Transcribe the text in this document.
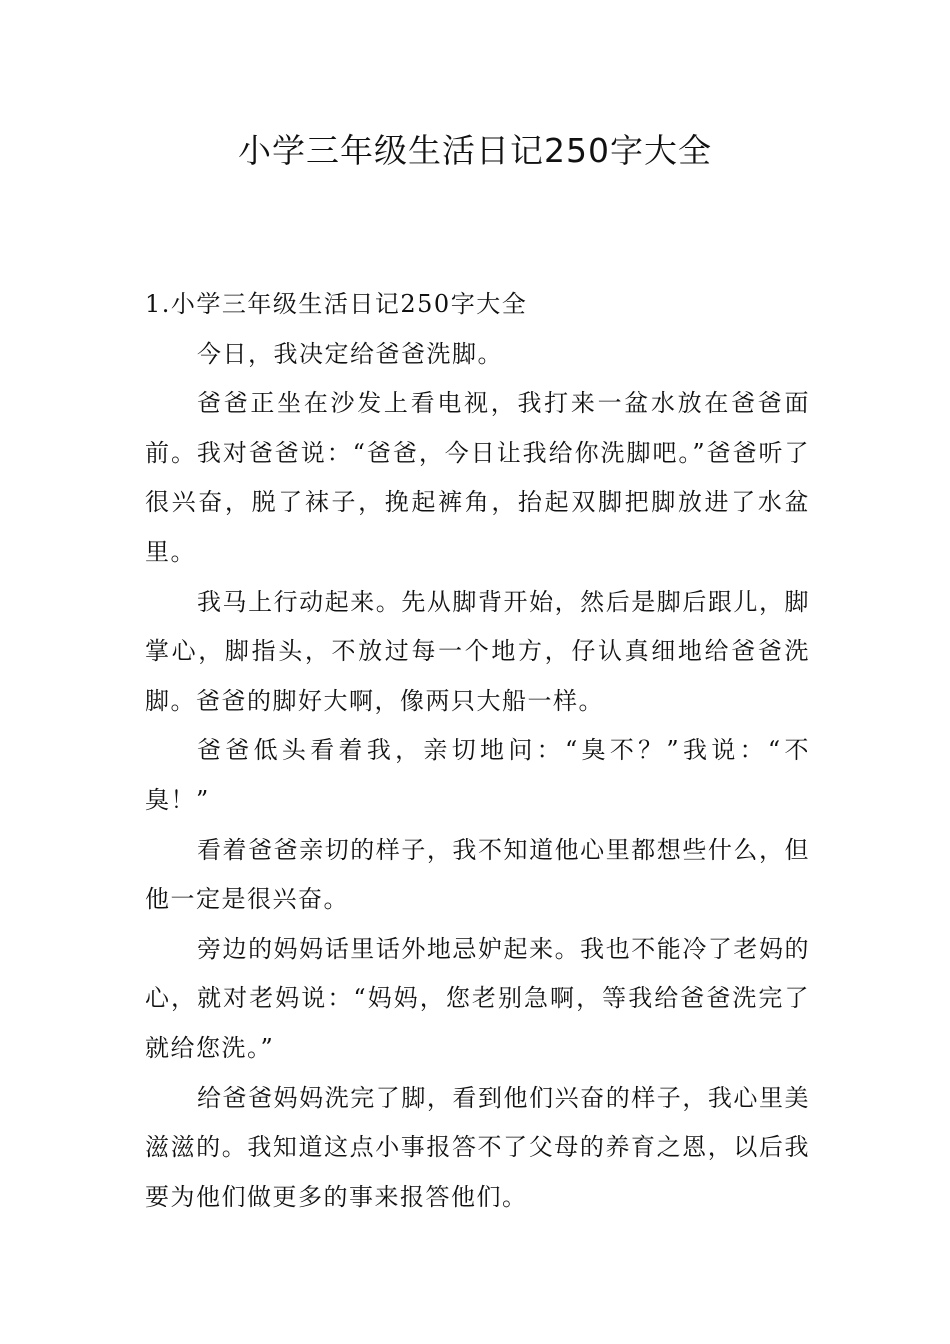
小学三年级生活日记250字大全

1.小学三年级生活日记250字大全

今日，我决定给爸爸洗脚。

爸爸正坐在沙发上看电视，我打来一盆水放在爸爸面前。我对爸爸说：“爸爸，今日让我给你洗脚吧。”爸爸听了很兴奋，脱了袜子，挽起裤角，抬起双脚把脚放进了水盆里。

我马上行动起来。先从脚背开始，然后是脚后跟儿，脚掌心，脚指头，不放过每一个地方，仔认真细地给爸爸洗脚。爸爸的脚好大啊，像两只大船一样。

爸爸低头看着我，亲切地问：“臭不？”我说：“不臭！”

看着爸爸亲切的样子，我不知道他心里都想些什么，但他一定是很兴奋。

旁边的妈妈话里话外地忌妒起来。我也不能冷了老妈的心，就对老妈说：“妈妈，您老别急啊，等我给爸爸洗完了就给您洗。”

给爸爸妈妈洗完了脚，看到他们兴奋的样子，我心里美滋滋的。我知道这点小事报答不了父母的养育之恩，以后我要为他们做更多的事来报答他们。
